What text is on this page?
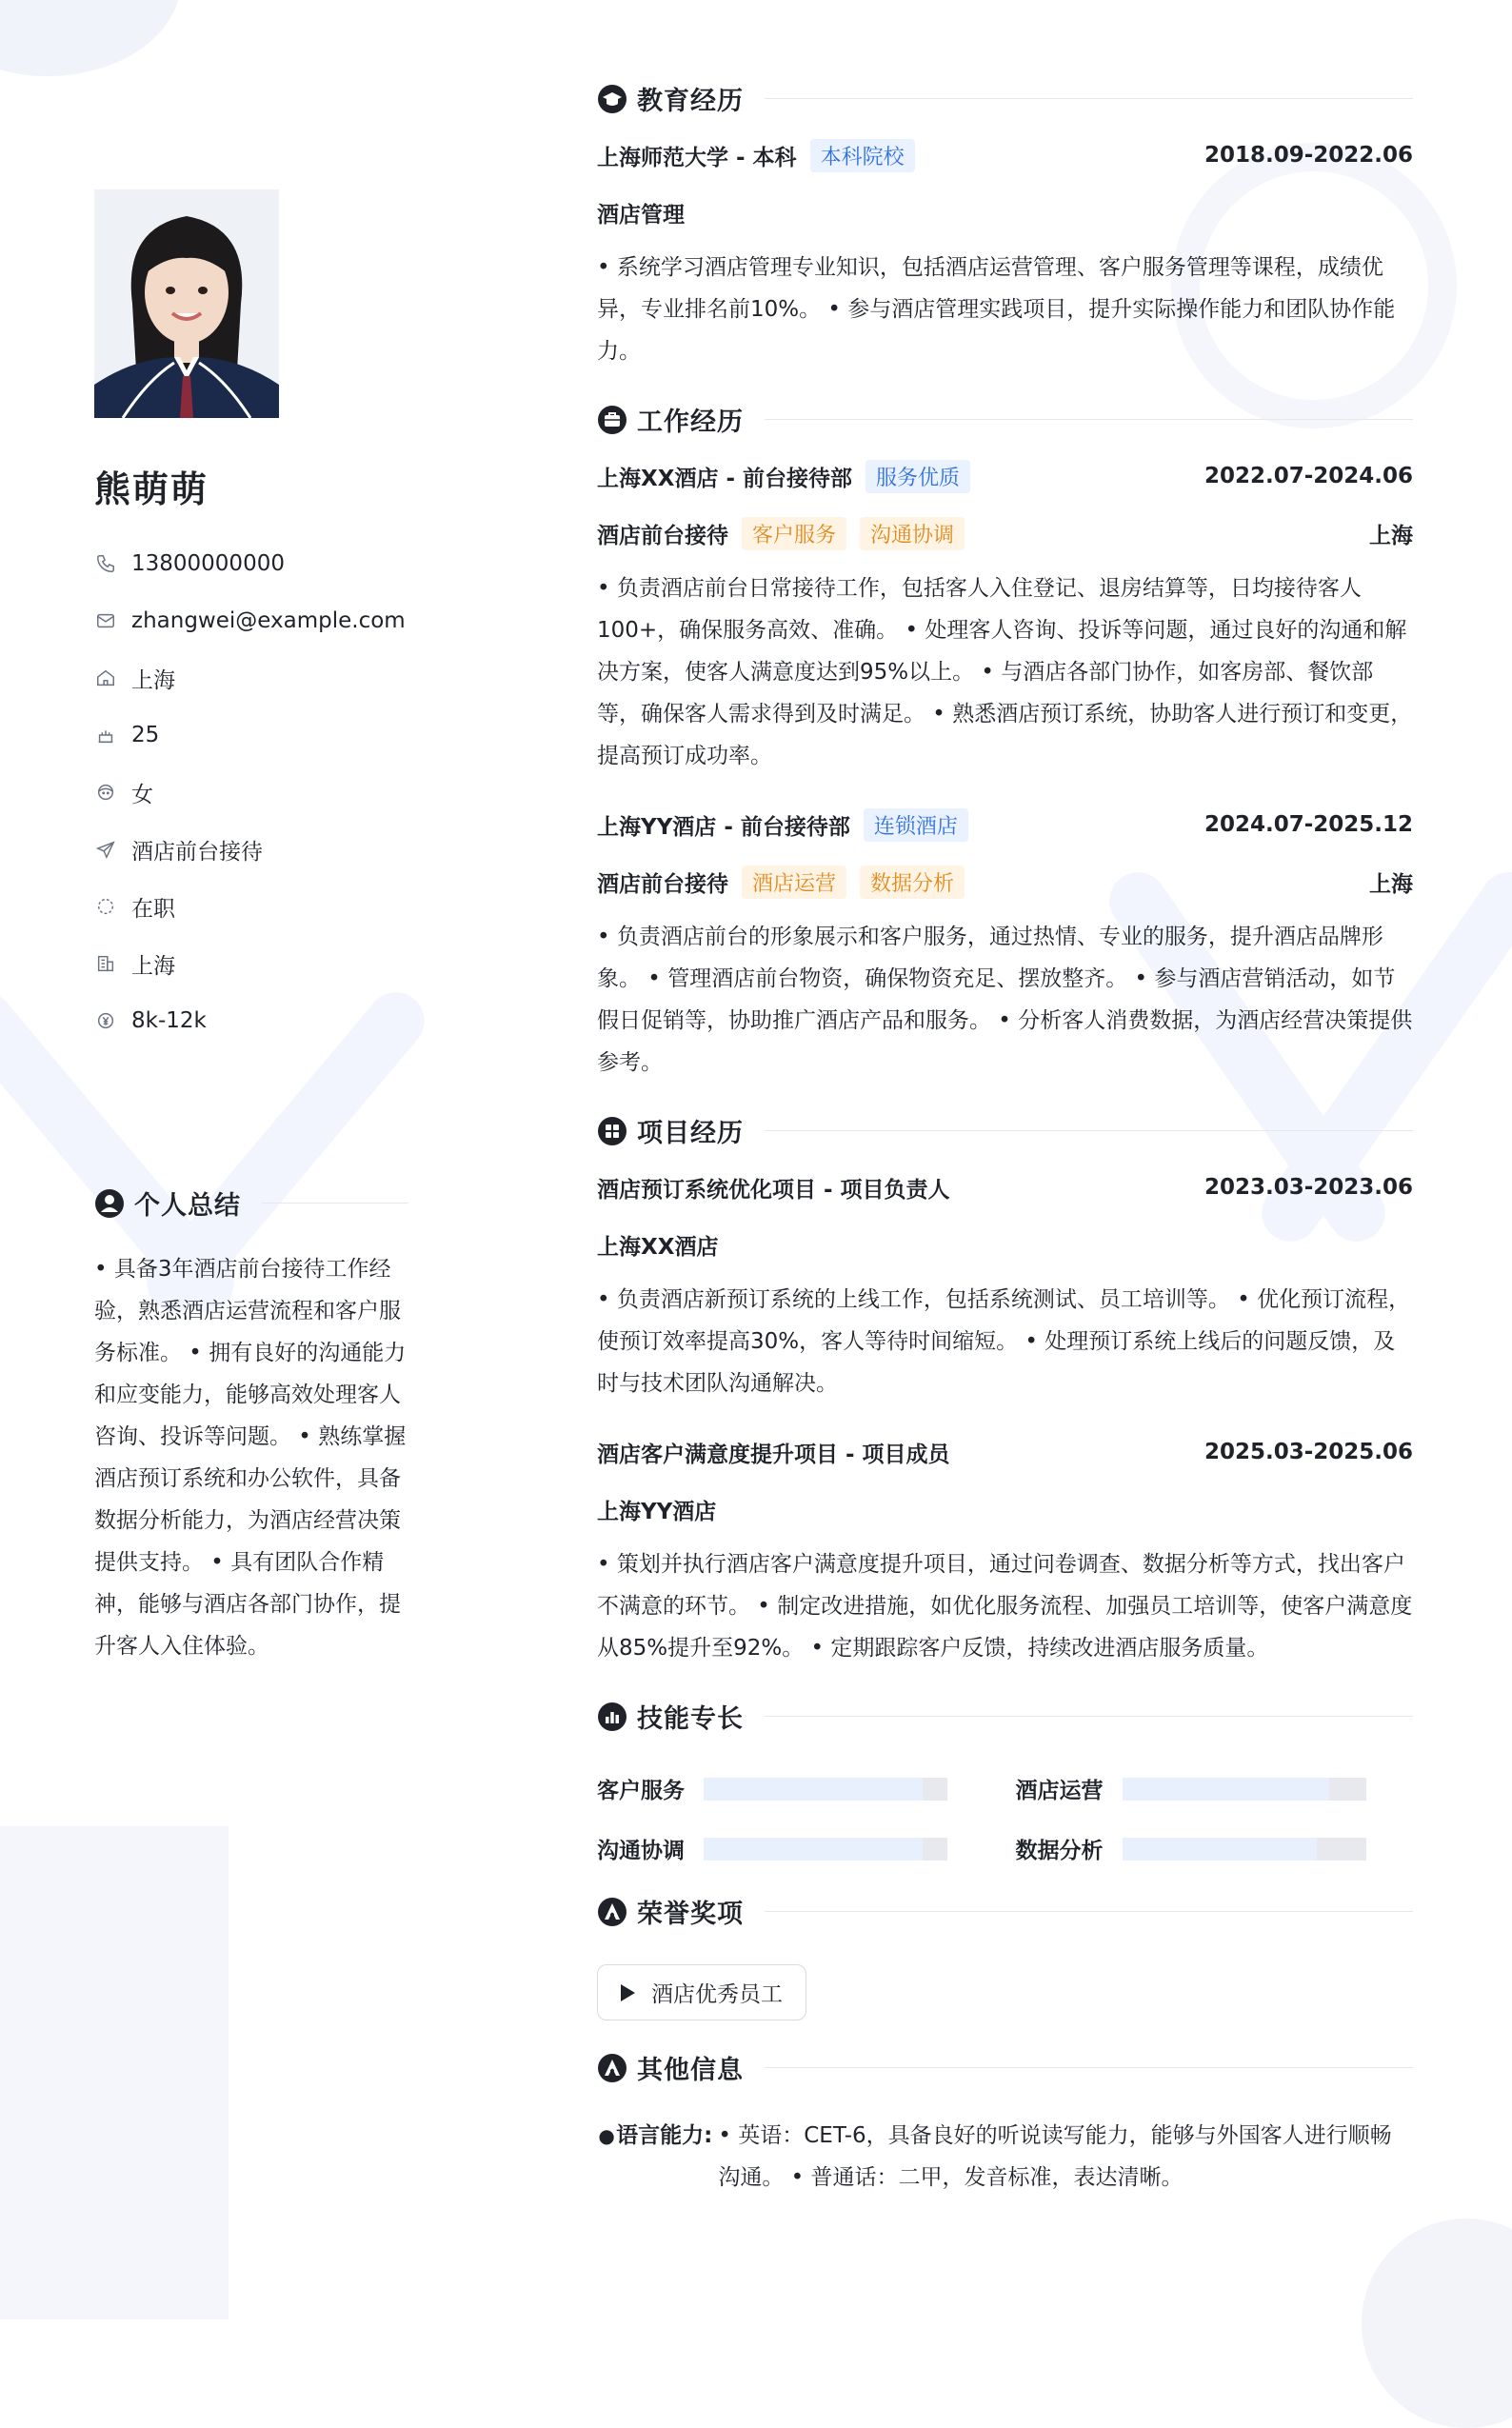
熊萌萌
13800000000
zhangwei@example.com
上海
25
女
酒店前台接待
在职
上海
8k-12k
个人总结
• 具备3年酒店前台接待工作经验，熟悉酒店运营流程和客户服务标准。 • 拥有良好的沟通能力和应变能力，能够高效处理客人咨询、投诉等问题。 • 熟练掌握酒店预订系统和办公软件，具备数据分析能力，为酒店经营决策提供支持。 • 具有团队合作精神，能够与酒店各部门协作，提升客人入住体验。
教育经历
上海师范大学 - 本科	本科院校	2018.09-2022.06
酒店管理
• 系统学习酒店管理专业知识，包括酒店运营管理、客户服务管理等课程，成绩优异，专业排名前10%。 • 参与酒店管理实践项目，提升实际操作能力和团队协作能力。
工作经历
上海XX酒店 - 前台接待部	服务优质	2022.07-2024.06
酒店前台接待	客户服务	沟通协调	上海
• 负责酒店前台日常接待工作，包括客人入住登记、退房结算等，日均接待客人100+，确保服务高效、准确。 • 处理客人咨询、投诉等问题，通过良好的沟通和解决方案，使客人满意度达到95%以上。 • 与酒店各部门协作，如客房部、餐饮部等，确保客人需求得到及时满足。 • 熟悉酒店预订系统，协助客人进行预订和变更，提高预订成功率。
上海YY酒店 - 前台接待部	连锁酒店	2024.07-2025.12
酒店前台接待	酒店运营	数据分析	上海
• 负责酒店前台的形象展示和客户服务，通过热情、专业的服务，提升酒店品牌形象。 • 管理酒店前台物资，确保物资充足、摆放整齐。 • 参与酒店营销活动，如节假日促销等，协助推广酒店产品和服务。 • 分析客人消费数据，为酒店经营决策提供参考。
项目经历
酒店预订系统优化项目 - 项目负责人	2023.03-2023.06
上海XX酒店
• 负责酒店新预订系统的上线工作，包括系统测试、员工培训等。 • 优化预订流程，使预订效率提高30%，客人等待时间缩短。 • 处理预订系统上线后的问题反馈，及时与技术团队沟通解决。
酒店客户满意度提升项目 - 项目成员	2025.03-2025.06
上海YY酒店
• 策划并执行酒店客户满意度提升项目，通过问卷调查、数据分析等方式，找出客户不满意的环节。 • 制定改进措施，如优化服务流程、加强员工培训等，使客户满意度从85%提升至92%。 • 定期跟踪客户反馈，持续改进酒店服务质量。
技能专长
客户服务	酒店运营
沟通协调	数据分析
荣誉奖项
酒店优秀员工
其他信息
● 语言能力: • 英语：CET-6，具备良好的听说读写能力，能够与外国客人进行顺畅沟通。 • 普通话：二甲，发音标准，表达清晰。
